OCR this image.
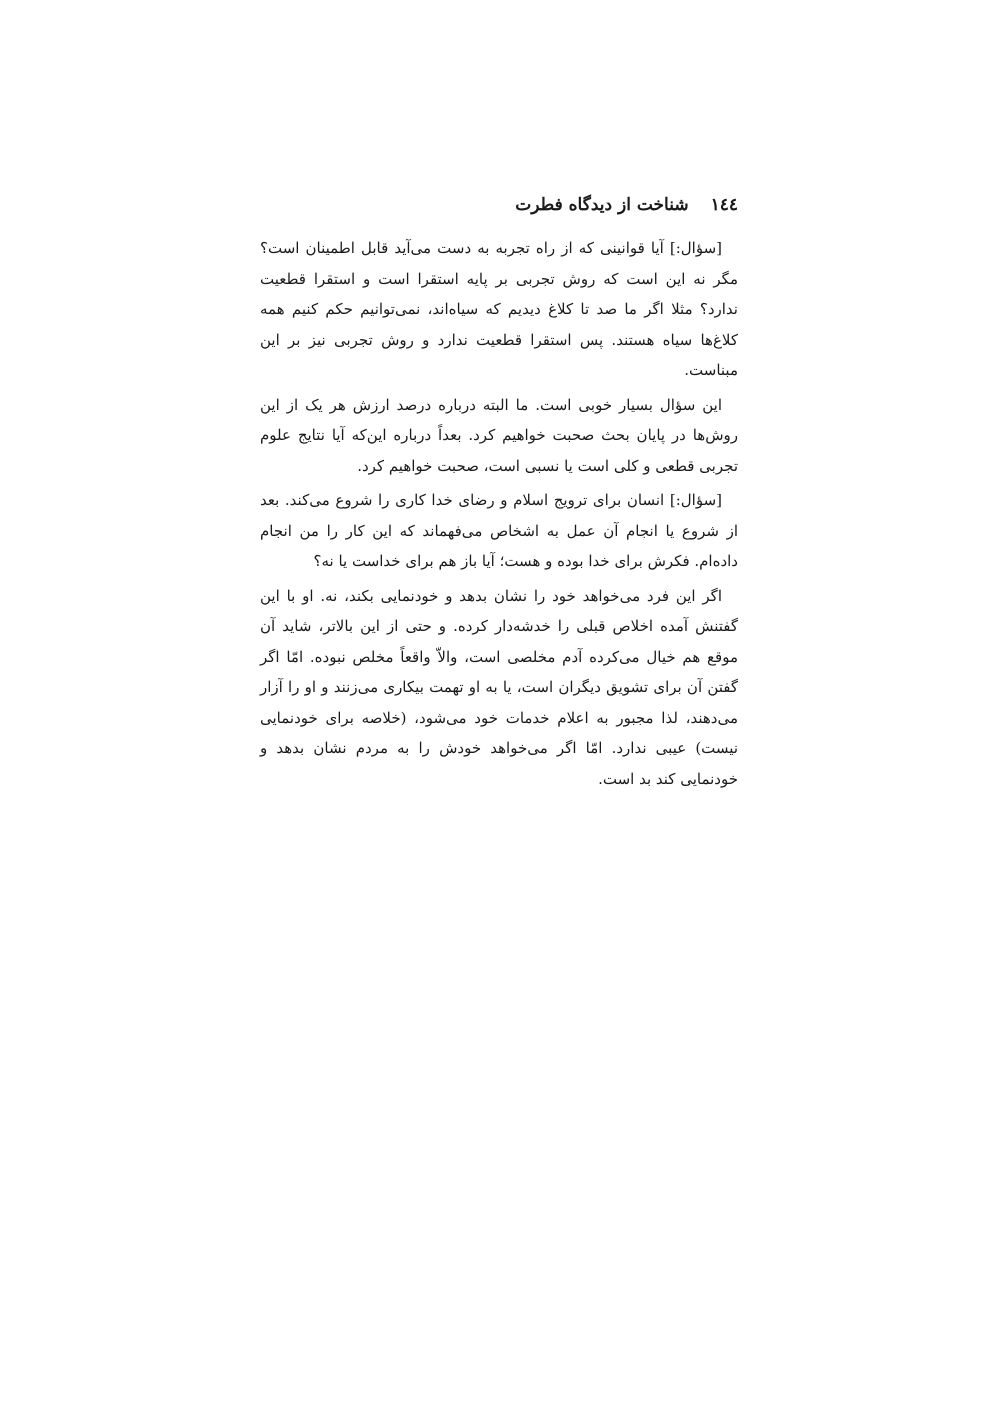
١٤٤
شناخت از دیدگاه فطرت

[سؤال:] آیا قوانینی که از راه تجربه به دست می‌آید قابل اطمینان است؟ مگر نه این است که روش تجربی بر پایه استقرا است و استقرا قطعیت ندارد؟ مثلا اگر ما صد تا کلاغ دیدیم که سیاه‌اند، نمی‌توانیم حکم کنیم همه کلاغ‌ها سیاه هستند. پس استقرا قطعیت ندارد و روش تجربی نیز بر این مبناست.

این سؤال بسیار خوبی است. ما البته درباره درصد ارزش هر یک از این روش‌ها در پایان بحث صحبت خواهیم کرد. بعداً درباره این‌که آیا نتایج علوم تجربی قطعی و کلی است یا نسبی است، صحبت خواهیم کرد.

[سؤال:] انسان برای ترویج اسلام و رضای خدا کاری را شروع می‌کند. بعد از شروع یا انجام آن عمل به اشخاص می‌فهماند که این کار را من انجام داده‌ام. فکرش برای خدا بوده و هست؛ آیا باز هم برای خداست یا نه؟

اگر این فرد می‌خواهد خود را نشان بدهد و خودنمایی بکند، نه. او با این گفتنش آمده اخلاص قبلی را خدشه‌دار کرده. و حتی از این بالاتر، شاید آن موقع هم خیال می‌کرده آدم مخلصی است، والاّ واقعاً مخلص نبوده. امّا اگر گفتن آن برای تشویق دیگران است، یا به او تهمت بیکاری می‌زنند و او را آزار می‌دهند، لذا مجبور به اعلام خدمات خود می‌شود، (خلاصه برای خودنمایی نیست) عیبی ندارد. امّا اگر می‌خواهد خودش را به مردم نشان بدهد و خودنمایی کند بد است.
